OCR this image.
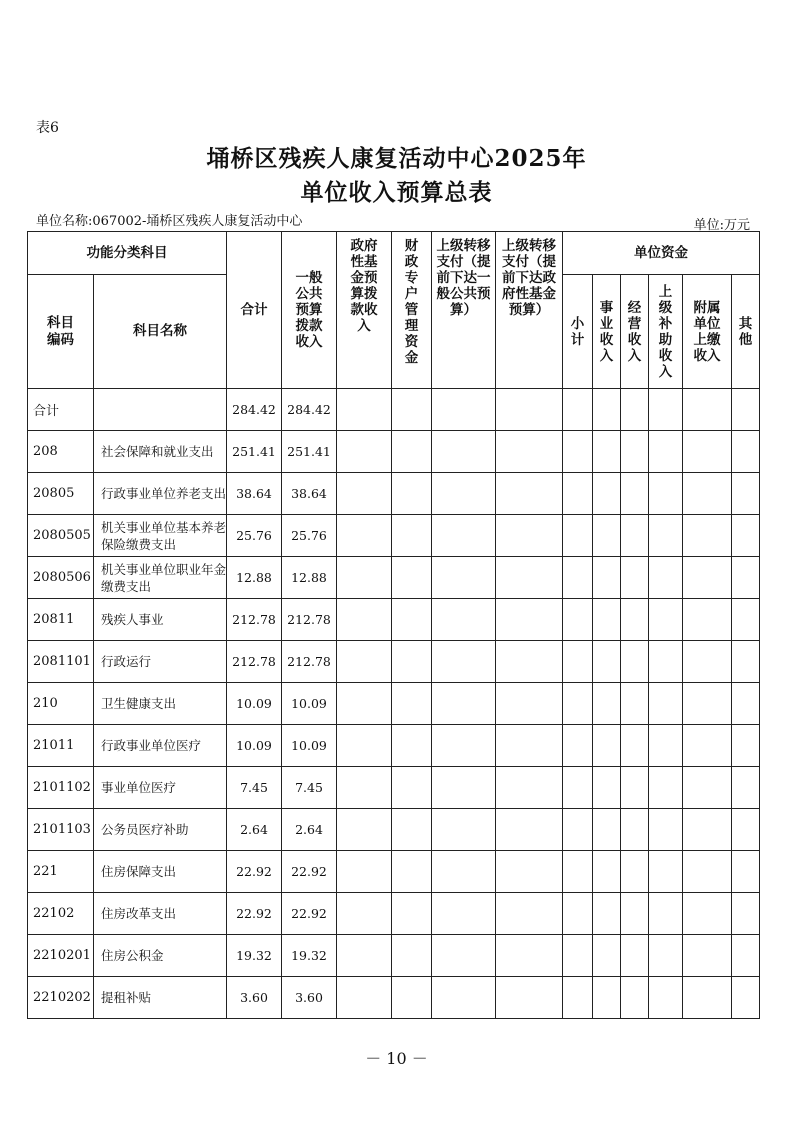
表6
埇桥区残疾人康复活动中心2025年
单位收入预算总表
单位名称:067002-埇桥区残疾人康复活动中心	单位:万元
功能分类科目		合计	一般公共预算拨款收入	政府性基金预算拨款收入	财政专户管理资金	上级转移支付（提前下达一般公共预算）	上级转移支付（提前下达政府性基金预算）	单位资金					

科目编码	科目名称							小计	事业收入	经营收入	上级补助收入	附属单位上缴收入	其他

合计		284.42	284.42										
208	社会保障和就业支出	251.41	251.41										
20805	行政事业单位养老支出	38.64	38.64										
2080505	机关事业单位基本养老保险缴费支出	25.76	25.76										
2080506	机关事业单位职业年金缴费支出	12.88	12.88										
20811	残疾人事业	212.78	212.78										
2081101	行政运行	212.78	212.78										
210	卫生健康支出	10.09	10.09										
21011	行政事业单位医疗	10.09	10.09										
2101102	事业单位医疗	7.45	7.45										
2101103	公务员医疗补助	2.64	2.64										
221	住房保障支出	22.92	22.92										
22102	住房改革支出	22.92	22.92										
2210201	住房公积金	19.32	19.32										
2210202	提租补贴	3.60	3.60										
－ 10 －
